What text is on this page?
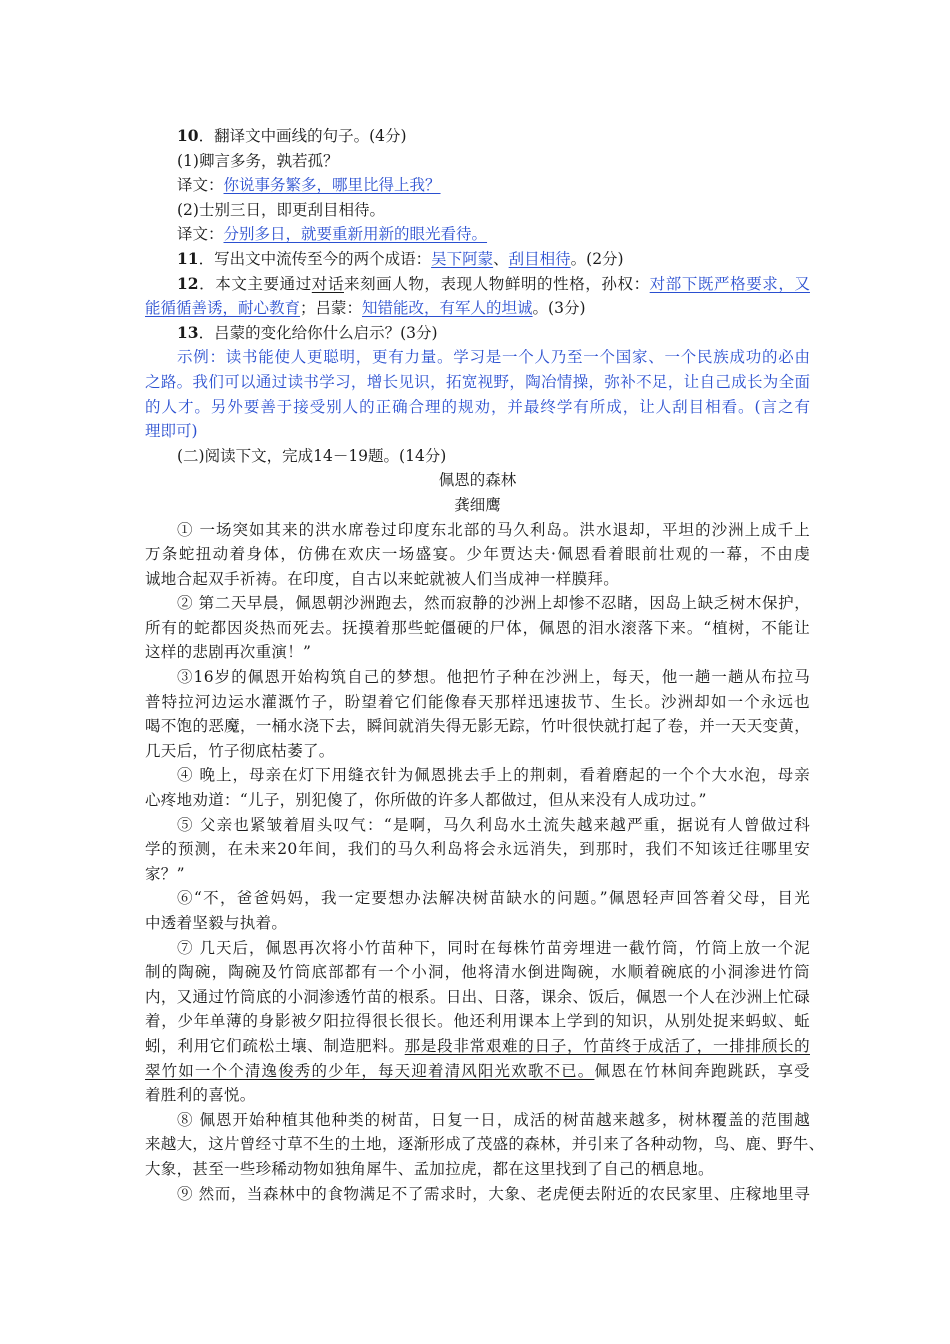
10．翻译文中画线的句子。(4分)

(1)卿言多务，孰若孤？

译文：你说事务繁多，哪里比得上我？

(2)士别三日，即更刮目相待。

译文：分别多日，就要重新用新的眼光看待。

11．写出文中流传至今的两个成语：吴下阿蒙、刮目相待。(2分)

12．本文主要通过对话来刻画人物，表现人物鲜明的性格，孙权：对部下既严格要求，又

能循循善诱，耐心教育；吕蒙：知错能改，有军人的坦诚。(3分)

13．吕蒙的变化给你什么启示？(3分)

示例：读书能使人更聪明，更有力量。学习是一个人乃至一个国家、一个民族成功的必由

之路。我们可以通过读书学习，增长见识，拓宽视野，陶冶情操，弥补不足，让自己成长为全面

的人才。另外要善于接受别人的正确合理的规劝，并最终学有所成，让人刮目相看。(言之有

理即可)

(二)阅读下文，完成14－19题。(14分)

佩恩的森林

龚细鹰

① 一场突如其来的洪水席卷过印度东北部的马久利岛。洪水退却，平坦的沙洲上成千上

万条蛇扭动着身体，仿佛在欢庆一场盛宴。少年贾达夫·佩恩看着眼前壮观的一幕，不由虔

诚地合起双手祈祷。在印度，自古以来蛇就被人们当成神一样膜拜。

② 第二天早晨，佩恩朝沙洲跑去，然而寂静的沙洲上却惨不忍睹，因岛上缺乏树木保护，

所有的蛇都因炎热而死去。抚摸着那些蛇僵硬的尸体，佩恩的泪水滚落下来。“植树，不能让

这样的悲剧再次重演！”

③16岁的佩恩开始构筑自己的梦想。他把竹子种在沙洲上，每天，他一趟一趟从布拉马

普特拉河边运水灌溉竹子，盼望着它们能像春天那样迅速拔节、生长。沙洲却如一个永远也

喝不饱的恶魔，一桶水浇下去，瞬间就消失得无影无踪，竹叶很快就打起了卷，并一天天变黄，

几天后，竹子彻底枯萎了。

④ 晚上，母亲在灯下用缝衣针为佩恩挑去手上的荆刺，看着磨起的一个个大水泡，母亲

心疼地劝道：“儿子，别犯傻了，你所做的许多人都做过，但从来没有人成功过。”

⑤ 父亲也紧皱着眉头叹气：“是啊，马久利岛水土流失越来越严重，据说有人曾做过科

学的预测，在未来20年间，我们的马久利岛将会永远消失，到那时，我们不知该迁往哪里安

家？”

⑥“不，爸爸妈妈，我一定要想办法解决树苗缺水的问题。”佩恩轻声回答着父母，目光

中透着坚毅与执着。

⑦ 几天后，佩恩再次将小竹苗种下，同时在每株竹苗旁埋进一截竹筒，竹筒上放一个泥

制的陶碗，陶碗及竹筒底部都有一个小洞，他将清水倒进陶碗，水顺着碗底的小洞渗进竹筒

内，又通过竹筒底的小洞渗透竹苗的根系。日出、日落，课余、饭后，佩恩一个人在沙洲上忙碌

着，少年单薄的身影被夕阳拉得很长很长。他还利用课本上学到的知识，从别处捉来蚂蚁、蚯

蚓，利用它们疏松土壤、制造肥料。那是段非常艰难的日子，竹苗终于成活了，一排排颀长的

翠竹如一个个清逸俊秀的少年，每天迎着清风阳光欢歌不已。佩恩在竹林间奔跑跳跃，享受

着胜利的喜悦。

⑧ 佩恩开始种植其他种类的树苗，日复一日，成活的树苗越来越多，树林覆盖的范围越

来越大，这片曾经寸草不生的土地，逐渐形成了茂盛的森林，并引来了各种动物，鸟、鹿、野牛、

大象，甚至一些珍稀动物如独角犀牛、孟加拉虎，都在这里找到了自己的栖息地。

⑨ 然而，当森林中的食物满足不了需求时，大象、老虎便去附近的农民家里、庄稼地里寻
